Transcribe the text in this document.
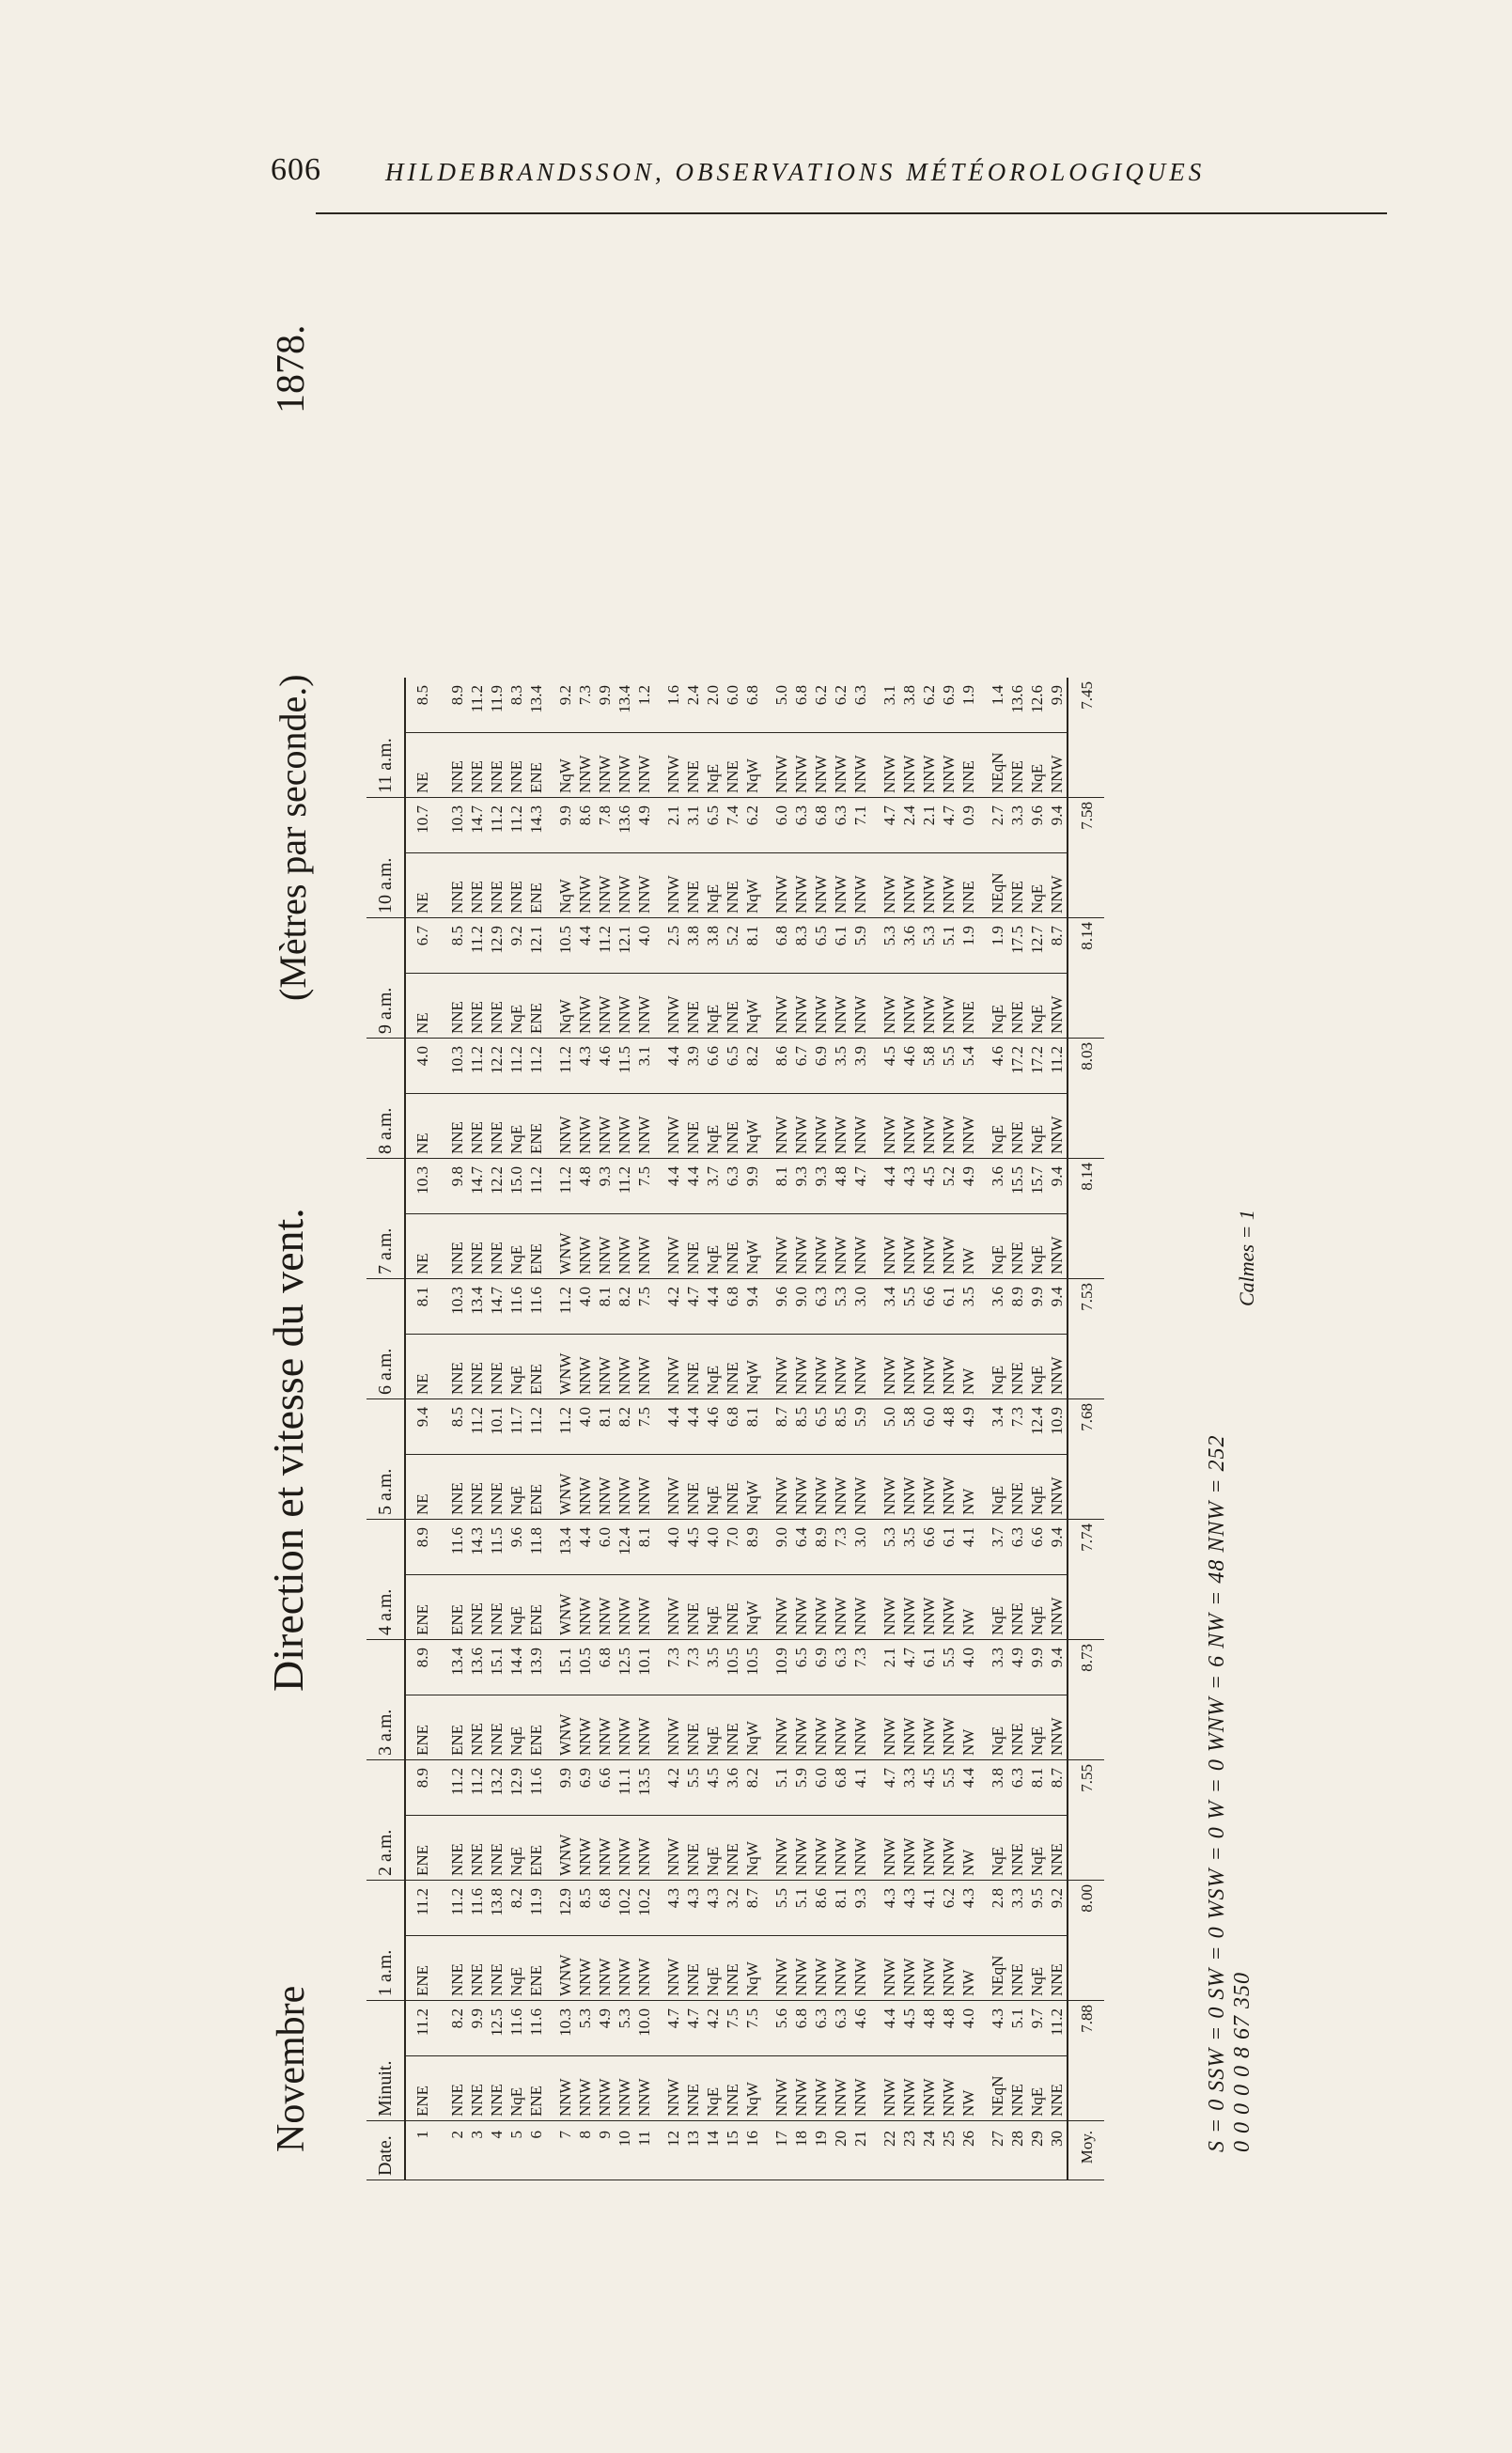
606	HILDEBRANDSSON, OBSERVATIONS MÉTÉOROLOGIQUES
Novembre
Direction et vitesse du vent.
(Mètres par seconde.)
1878.
Date.	Minuit.		1 a.m.		2 a.m.		3 a.m.		4 a.m.		5 a.m.		6 a.m.		7 a.m.		8 a.m.		9 a.m.		10 a.m.		11 a.m.	
1	ENE	11.2	ENE	11.2	ENE	8.9	ENE	8.9	ENE	8.9	NE	9.4	NE	8.1	NE	10.3	NE	4.0	NE	6.7	NE	10.7	NE	8.5
2	NNE	8.2	NNE	11.2	NNE	11.2	ENE	13.4	ENE	11.6	NNE	8.5	NNE	10.3	NNE	9.8	NNE	10.3	NNE	8.5	NNE	10.3	NNE	8.9
3	NNE	9.9	NNE	11.6	NNE	11.2	NNE	13.6	NNE	14.3	NNE	11.2	NNE	13.4	NNE	14.7	NNE	11.2	NNE	11.2	NNE	14.7	NNE	11.2
4	NNE	12.5	NNE	13.8	NNE	13.2	NNE	15.1	NNE	11.5	NNE	10.1	NNE	14.7	NNE	12.2	NNE	12.2	NNE	12.9	NNE	11.2	NNE	11.9
5	NqE	11.6	NqE	8.2	NqE	12.9	NqE	14.4	NqE	9.6	NqE	11.7	NqE	11.6	NqE	15.0	NqE	11.2	NqE	9.2	NNE	11.2	NNE	8.3
6	ENE	11.6	ENE	11.9	ENE	11.6	ENE	13.9	ENE	11.8	ENE	11.2	ENE	11.6	ENE	11.2	ENE	11.2	ENE	12.1	ENE	14.3	ENE	13.4
7	NNW	10.3	WNW	12.9	WNW	9.9	WNW	15.1	WNW	13.4	WNW	11.2	WNW	11.2	WNW	11.2	NNW	11.2	NqW	10.5	NqW	9.9	NqW	9.2
8	NNW	5.3	NNW	8.5	NNW	6.9	NNW	10.5	NNW	4.4	NNW	4.0	NNW	4.0	NNW	4.8	NNW	4.3	NNW	4.4	NNW	8.6	NNW	7.3
9	NNW	4.9	NNW	6.8	NNW	6.6	NNW	6.8	NNW	6.0	NNW	8.1	NNW	8.1	NNW	9.3	NNW	4.6	NNW	11.2	NNW	7.8	NNW	9.9
10	NNW	5.3	NNW	10.2	NNW	11.1	NNW	12.5	NNW	12.4	NNW	8.2	NNW	8.2	NNW	11.2	NNW	11.5	NNW	12.1	NNW	13.6	NNW	13.4
11	NNW	10.0	NNW	10.2	NNW	13.5	NNW	10.1	NNW	8.1	NNW	7.5	NNW	7.5	NNW	7.5	NNW	3.1	NNW	4.0	NNW	4.9	NNW	1.2
12	NNW	4.7	NNW	4.3	NNW	4.2	NNW	7.3	NNW	4.0	NNW	4.4	NNW	4.2	NNW	4.4	NNW	4.4	NNW	2.5	NNW	2.1	NNW	1.6
13	NNE	4.7	NNE	4.3	NNE	5.5	NNE	7.3	NNE	4.5	NNE	4.4	NNE	4.7	NNE	4.4	NNE	3.9	NNE	3.8	NNE	3.1	NNE	2.4
14	NqE	4.2	NqE	4.3	NqE	4.5	NqE	3.5	NqE	4.0	NqE	4.6	NqE	4.4	NqE	3.7	NqE	6.6	NqE	3.8	NqE	6.5	NqE	2.0
15	NNE	7.5	NNE	3.2	NNE	3.6	NNE	10.5	NNE	7.0	NNE	6.8	NNE	6.8	NNE	6.3	NNE	6.5	NNE	5.2	NNE	7.4	NNE	6.0
16	NqW	7.5	NqW	8.7	NqW	8.2	NqW	10.5	NqW	8.9	NqW	8.1	NqW	9.4	NqW	9.9	NqW	8.2	NqW	8.1	NqW	6.2	NqW	6.8
17	NNW	5.6	NNW	5.5	NNW	5.1	NNW	10.9	NNW	9.0	NNW	8.7	NNW	9.6	NNW	8.1	NNW	8.6	NNW	6.8	NNW	6.0	NNW	5.0
18	NNW	6.8	NNW	5.1	NNW	5.9	NNW	6.5	NNW	6.4	NNW	8.5	NNW	9.0	NNW	9.3	NNW	6.7	NNW	8.3	NNW	6.3	NNW	6.8
19	NNW	6.3	NNW	8.6	NNW	6.0	NNW	6.9	NNW	8.9	NNW	6.5	NNW	6.3	NNW	9.3	NNW	6.9	NNW	6.5	NNW	6.8	NNW	6.2
20	NNW	6.3	NNW	8.1	NNW	6.8	NNW	6.3	NNW	7.3	NNW	8.5	NNW	5.3	NNW	4.8	NNW	3.5	NNW	6.1	NNW	6.3	NNW	6.2
21	NNW	4.6	NNW	9.3	NNW	4.1	NNW	7.3	NNW	3.0	NNW	5.9	NNW	3.0	NNW	4.7	NNW	3.9	NNW	5.9	NNW	7.1	NNW	6.3
22	NNW	4.4	NNW	4.3	NNW	4.7	NNW	2.1	NNW	5.3	NNW	5.0	NNW	3.4	NNW	4.4	NNW	4.5	NNW	5.3	NNW	4.7	NNW	3.1
23	NNW	4.5	NNW	4.3	NNW	3.3	NNW	4.7	NNW	3.5	NNW	5.8	NNW	5.5	NNW	4.3	NNW	4.6	NNW	3.6	NNW	2.4	NNW	3.8
24	NNW	4.8	NNW	4.1	NNW	4.5	NNW	6.1	NNW	6.6	NNW	6.0	NNW	6.6	NNW	4.5	NNW	5.8	NNW	5.3	NNW	2.1	NNW	6.2
25	NNW	4.8	NNW	6.2	NNW	5.5	NNW	5.5	NNW	6.1	NNW	4.8	NNW	6.1	NNW	5.2	NNW	5.5	NNW	5.1	NNW	4.7	NNW	6.9
26	NW	4.0	NW	4.3	NW	4.4	NW	4.0	NW	4.1	NW	4.9	NW	3.5	NW	4.9	NNW	5.4	NNE	1.9	NNE	0.9	NNE	1.9
27	NEqN	4.3	NEqN	2.8	NqE	3.8	NqE	3.3	NqE	3.7	NqE	3.4	NqE	3.6	NqE	3.6	NqE	4.6	NqE	1.9	NEqN	2.7	NEqN	1.4
28	NNE	5.1	NNE	3.3	NNE	6.3	NNE	4.9	NNE	6.3	NNE	7.3	NNE	8.9	NNE	15.5	NNE	17.2	NNE	17.5	NNE	3.3	NNE	13.6
29	NqE	9.7	NqE	9.5	NqE	8.1	NqE	9.9	NqE	6.6	NqE	12.4	NqE	9.9	NqE	15.7	NqE	17.2	NqE	12.7	NqE	9.6	NqE	12.6
30	NNE	11.2	NNE	9.2	NNE	8.7	NNW	9.4	NNW	9.4	NNW	10.9	NNW	9.4	NNW	9.4	NNW	11.2	NNW	8.7	NNW	9.4	NNW	9.9
Moy.	7.88		8.00		7.55		8.73		7.74		7.68		7.53		8.14		8.03		8.14		7.58		7.45	
S = 0 SSW = 0 SW = 0 WSW = 0 W = 0 WNW = 6 NW = 48 NNW = 252
0 0 0 0 0 8 67 350
Calmes = 1
